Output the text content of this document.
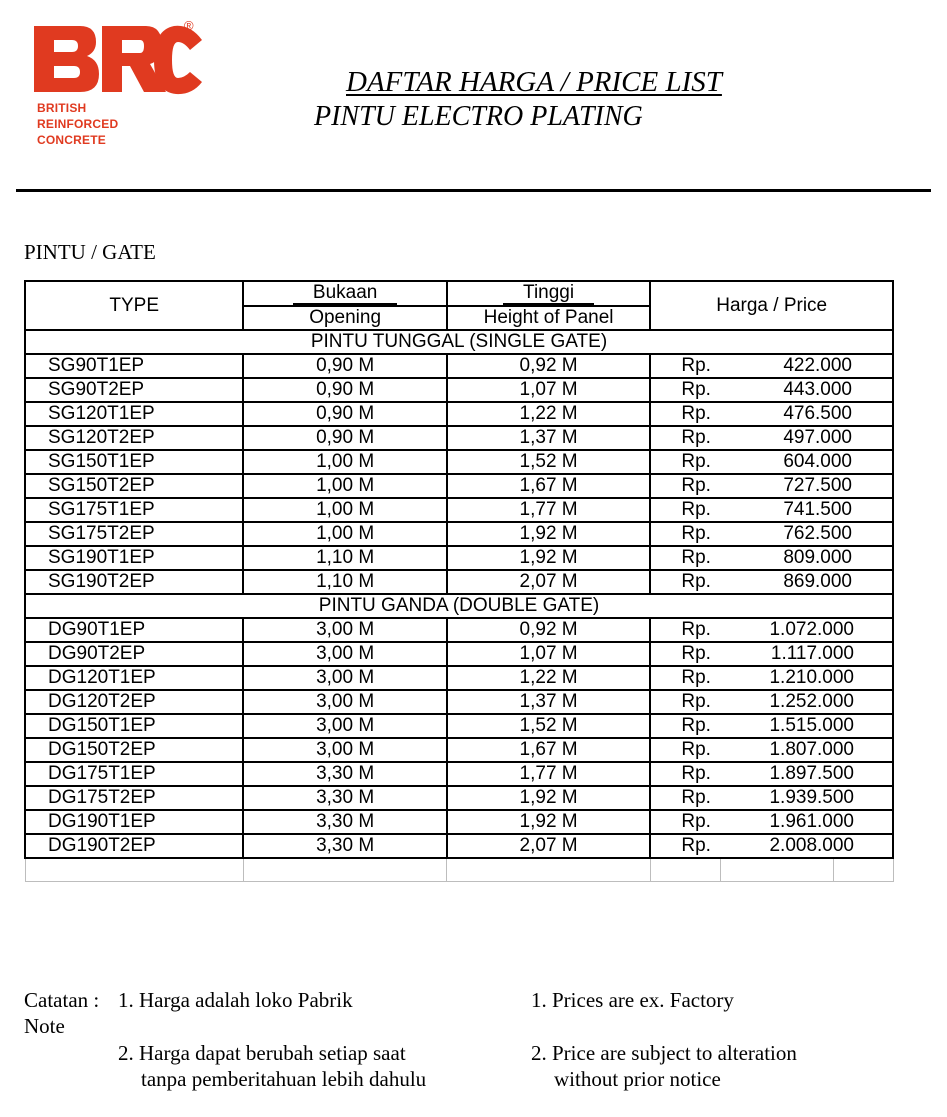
®
BRITISH
REINFORCED
CONCRETE
DAFTAR HARGA / PRICE LIST
PINTU ELECTRO PLATING
PINTU / GATE
TYPE	Bukaan	Tinggi	Harga / Price	
	Opening	Height of Panel		
PINTU TUNGGAL (SINGLE GATE)				
SG90T1EP	0,90 M	0,92 M	Rp.	422.000
SG90T2EP	0,90 M	1,07 M	Rp.	443.000
SG120T1EP	0,90 M	1,22 M	Rp.	476.500
SG120T2EP	0,90 M	1,37 M	Rp.	497.000
SG150T1EP	1,00 M	1,52 M	Rp.	604.000
SG150T2EP	1,00 M	1,67 M	Rp.	727.500
SG175T1EP	1,00 M	1,77 M	Rp.	741.500
SG175T2EP	1,00 M	1,92 M	Rp.	762.500
SG190T1EP	1,10 M	1,92 M	Rp.	809.000
SG190T2EP	1,10 M	2,07 M	Rp.	869.000
PINTU GANDA (DOUBLE GATE)				
DG90T1EP	3,00 M	0,92 M	Rp.	1.072.000
DG90T2EP	3,00 M	1,07 M	Rp.	1.117.000
DG120T1EP	3,00 M	1,22 M	Rp.	1.210.000
DG120T2EP	3,00 M	1,37 M	Rp.	1.252.000
DG150T1EP	3,00 M	1,52 M	Rp.	1.515.000
DG150T2EP	3,00 M	1,67 M	Rp.	1.807.000
DG175T1EP	3,30 M	1,77 M	Rp.	1.897.500
DG175T2EP	3,30 M	1,92 M	Rp.	1.939.500
DG190T1EP	3,30 M	1,92 M	Rp.	1.961.000
DG190T2EP	3,30 M	2,07 M	Rp.	2.008.000

Catatan :
Note
1. Harga adalah loko Pabrik	1. Prices are ex. Factory
2. Harga dapat berubah setiap saat
tanpa pemberitahuan lebih dahulu
2. Price are subject to alteration
without prior notice
